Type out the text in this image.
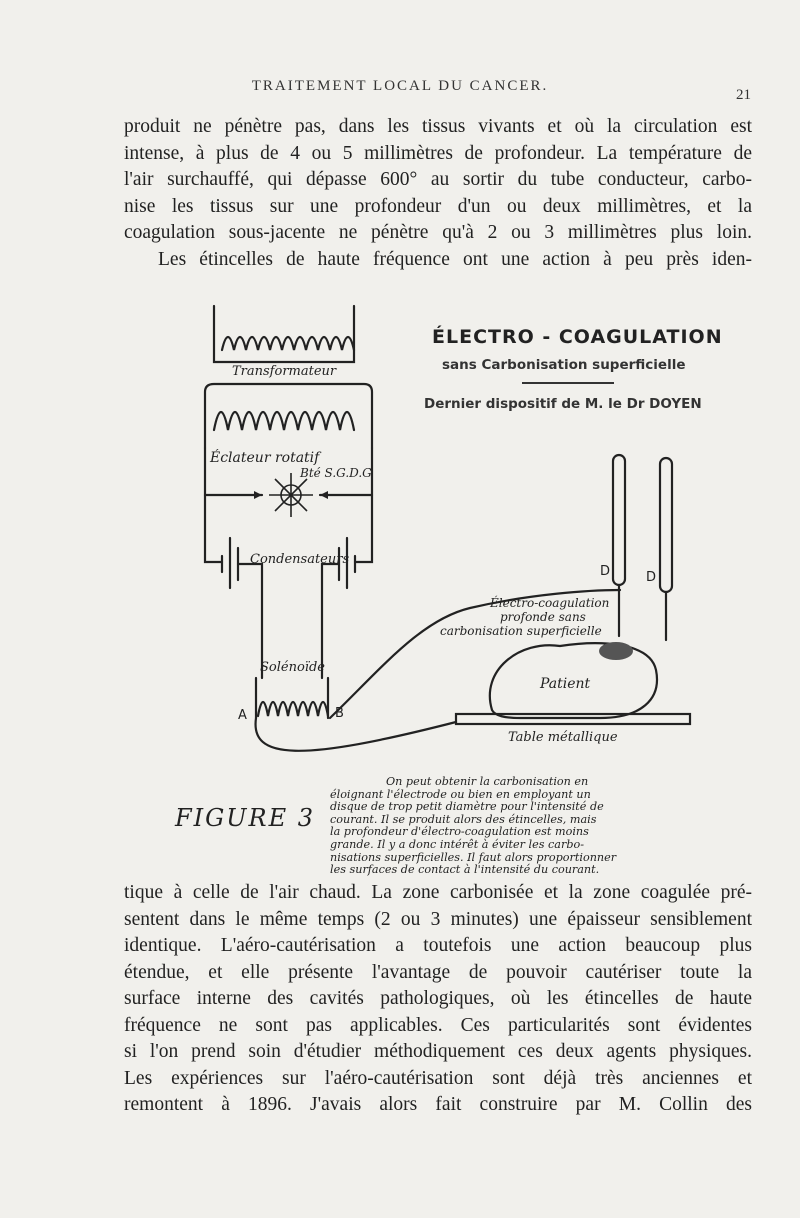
TRAITEMENT LOCAL DU CANCER.
21
produit ne pénètre pas, dans les tissus vivants et où la circulation est
intense, à plus de 4 ou 5 millimètres de profondeur. La température de
l'air surchauffé, qui dépasse 600° au sortir du tube conducteur, carbo-
nise les tissus sur une profondeur d'un ou deux millimètres, et la
coagulation sous-jacente ne pénètre qu'à 2 ou 3 millimètres plus loin.
Les étincelles de haute fréquence ont une action à peu près iden-
ÉLECTRO - COAGULATION
sans Carbonisation superficielle
Dernier dispositif de M. le Dr DOYEN
Transformateur
Éclateur rotatif
Bté S.G.D.G
Condensateurs
Solénoïde
A	B
D	D
Électro-coagulation
profonde sans
carbonisation superficielle
Patient
Table métallique
FIGURE 3
On peut obtenir la carbonisation en
éloignant l'électrode ou bien en employant un
disque de trop petit diamètre pour l'intensité de
courant. Il se produit alors des étincelles, mais
la profondeur d'électro-coagulation est moins
grande. Il y a donc intérêt à éviter les carbo-
nisations superficielles. Il faut alors proportionner
les surfaces de contact à l'intensité du courant.
tique à celle de l'air chaud. La zone carbonisée et la zone coagulée pré-
sentent dans le même temps (2 ou 3 minutes) une épaisseur sensiblement
identique. L'aéro-cautérisation a toutefois une action beaucoup plus
étendue, et elle présente l'avantage de pouvoir cautériser toute la
surface interne des cavités pathologiques, où les étincelles de haute
fréquence ne sont pas applicables. Ces particularités sont évidentes
si l'on prend soin d'étudier méthodiquement ces deux agents physiques.
Les expériences sur l'aéro-cautérisation sont déjà très anciennes et
remontent à 1896. J'avais alors fait construire par M. Collin des
